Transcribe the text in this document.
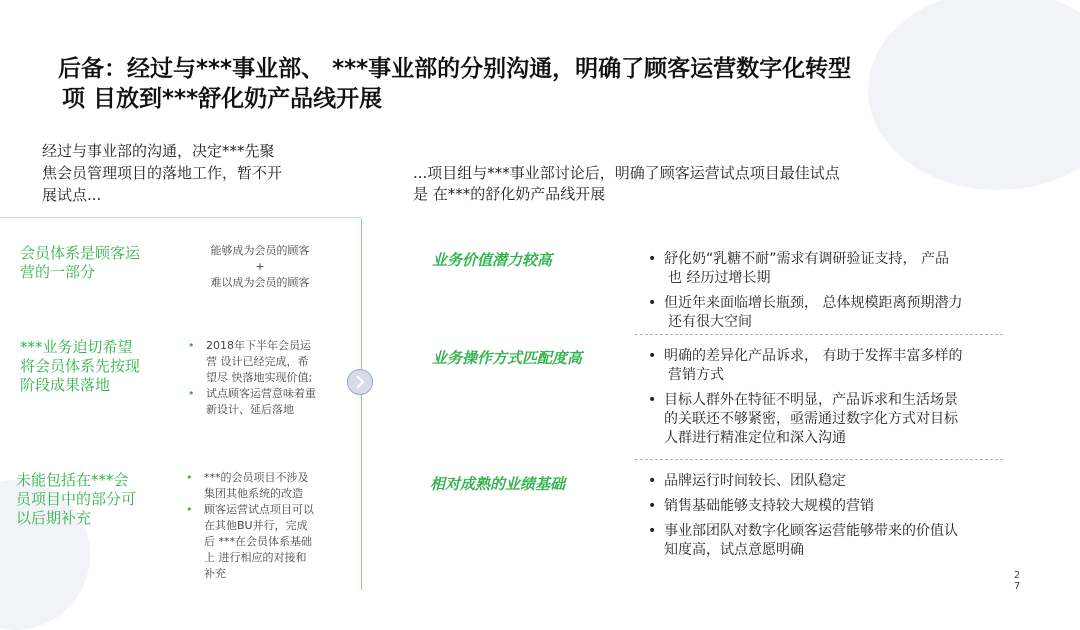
后备：经过与***事业部、 ***事业部的分别沟通，明确了顾客运营数字化转型
项 目放到***舒化奶产品线开展
经过与事业部的沟通，决定***先聚
焦会员管理项目的落地工作，暂不开
展试点...
...项目组与***事业部讨论后，明确了顾客运营试点项目最佳试点
是 在***的舒化奶产品线开展
会员体系是顾客运
营的一部分
能够成为会员的顾客
+
难以成为会员的顾客
***业务迫切希望
将会员体系先按现
阶段成果落地
• 2018年下半年会员运
营 设计已经完成，希
望尽 快落地实现价值;
• 试点顾客运营意味着重
新设计、延后落地
未能包括在***会
员项目中的部分可
以后期补充
• ***的会员项目不涉及
集团其他系统的改造
• 顾客运营试点项目可以
在其他BU并行，完成
后 ***在会员体系基础
上 进行相应的对接和
补充
业务价值潜力较高	• 舒化奶“乳糖不耐”需求有调研验证支持， 产品
也 经历过增长期
• 但近年来面临增长瓶颈， 总体规模距离预期潜力
还有很大空间
业务操作方式匹配度高	• 明确的差异化产品诉求， 有助于发挥丰富多样的
营销方式
• 目标人群外在特征不明显，产品诉求和生活场景
的关联还不够紧密，亟需通过数字化方式对目标
人群进行精准定位和深入沟通
相对成熟的业绩基础	• 品牌运行时间较长、团队稳定
• 销售基础能够支持较大规模的营销
• 事业部团队对数字化顾客运营能够带来的价值认
知度高，试点意愿明确
2
7
